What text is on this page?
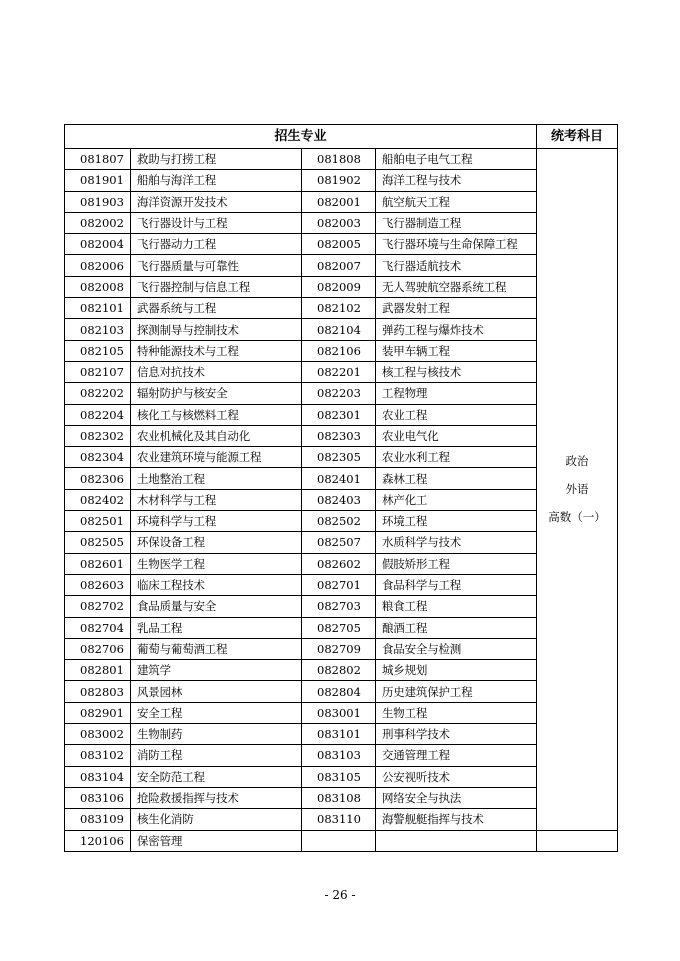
招生专业				统考科目
081807	救助与打捞工程	081808	船舶电子电气工程	政治
外语
高数（一）

081901	船舶与海洋工程	081902	海洋工程与技术	
081903	海洋资源开发技术	082001	航空航天工程	
082002	飞行器设计与工程	082003	飞行器制造工程	
082004	飞行器动力工程	082005	飞行器环境与生命保障工程	
082006	飞行器质量与可靠性	082007	飞行器适航技术	
082008	飞行器控制与信息工程	082009	无人驾驶航空器系统工程	
082101	武器系统与工程	082102	武器发射工程	
082103	探测制导与控制技术	082104	弹药工程与爆炸技术	
082105	特种能源技术与工程	082106	装甲车辆工程	
082107	信息对抗技术	082201	核工程与核技术	
082202	辐射防护与核安全	082203	工程物理	
082204	核化工与核燃料工程	082301	农业工程	
082302	农业机械化及其自动化	082303	农业电气化	
082304	农业建筑环境与能源工程	082305	农业水利工程	
082306	土地整治工程	082401	森林工程	
082402	木材科学与工程	082403	林产化工	
082501	环境科学与工程	082502	环境工程	
082505	环保设备工程	082507	水质科学与技术	
082601	生物医学工程	082602	假肢矫形工程	
082603	临床工程技术	082701	食品科学与工程	
082702	食品质量与安全	082703	粮食工程	
082704	乳品工程	082705	酿酒工程	
082706	葡萄与葡萄酒工程	082709	食品安全与检测	
082801	建筑学	082802	城乡规划	
082803	风景园林	082804	历史建筑保护工程	
082901	安全工程	083001	生物工程	
083002	生物制药	083101	刑事科学技术	
083102	消防工程	083103	交通管理工程	
083104	安全防范工程	083105	公安视听技术	
083106	抢险救援指挥与技术	083108	网络安全与执法	
083109	核生化消防	083110	海警舰艇指挥与技术	
120106	保密管理			
- 26 -
